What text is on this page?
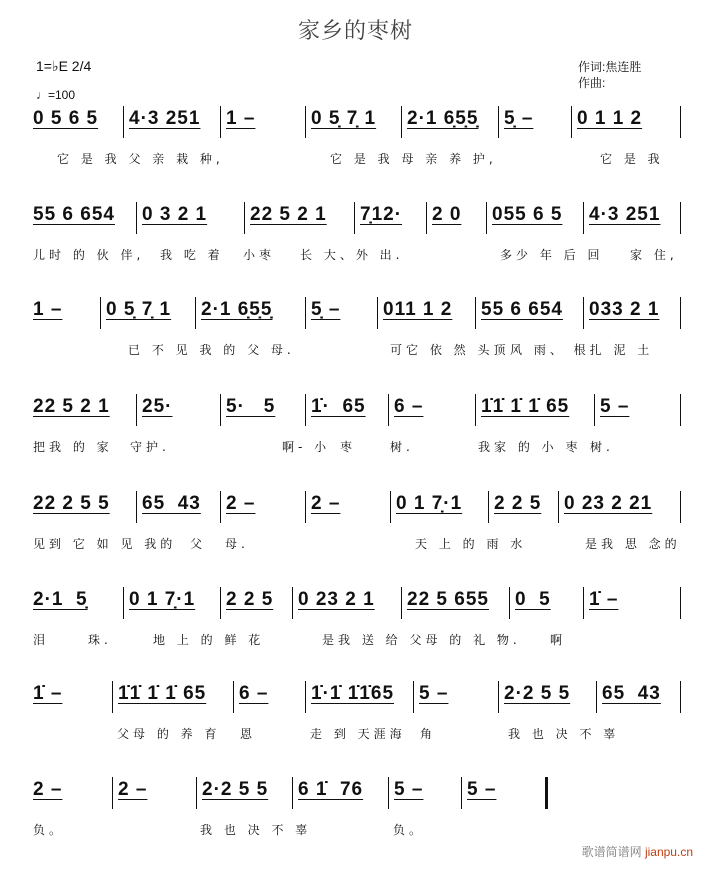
家乡的枣树
1=♭E 2/4
♩=100
作词:焦连胜
作曲:
0 5 6 5 4·3 251 1 –	0 5̣ 7̣ 1 2·1 6̣5̣5̣ 5̣ – 0 1 1 2
它 是 我 父 亲 栽 种,	它 是 我 母 亲 养 护,	它 是 我
55 6 654 0 3 2 1 22 5 2 1 7̣12· 2 0 055 6 5 4·3 251
儿时 的 伙 伴, 我 吃 着 小枣 长 大、外 出.	多少 年 后 回 家 住,
1 – 0 5̣ 7̣ 1 2·1 6̣5̣5̣ 5̣ – 011 1 2 55 6 654 033 2 1
已 不 见 我 的 父 母.	可它 依 然 头顶 风 雨、 根扎 泥 土
22 5 2 1 25·	5·   5 1̇·  65 6 –	1̇1̇ 1̇ 1̇ 65 5 –
把我 的 家 守护.	啊- 小 枣	树.	我家 的 小 枣 树.
22 2 5 5 65  43 2 –	2 –	0 1 7̣·1 2 2 5 0 23 2 21
见到 它 如 见 我的 父 母.	天 上 的 雨 水	是我 思 念的
2·1  5̣ 0 1 7̣·1 2 2 5 0 23 2 1 22 5 655 0  5 1̇ –
泪	珠.	地 上 的 鲜 花	是我 送 给 父母 的 礼 物. 啊
1̇ –	1̇1̇ 1̇ 1̇ 65 6 – 1̇·1̇ 1̇1̇65 5 –	2·2 5 5 65  43
父母 的 养 育 恩	走 到 天涯海 角	我 也 决 不 辜
2 –	2 –	2·2 5 5 6 1̇  76 5 – 5 –
负。	我 也 决 不 辜	负。
歌谱简谱网 jianpu.cn
